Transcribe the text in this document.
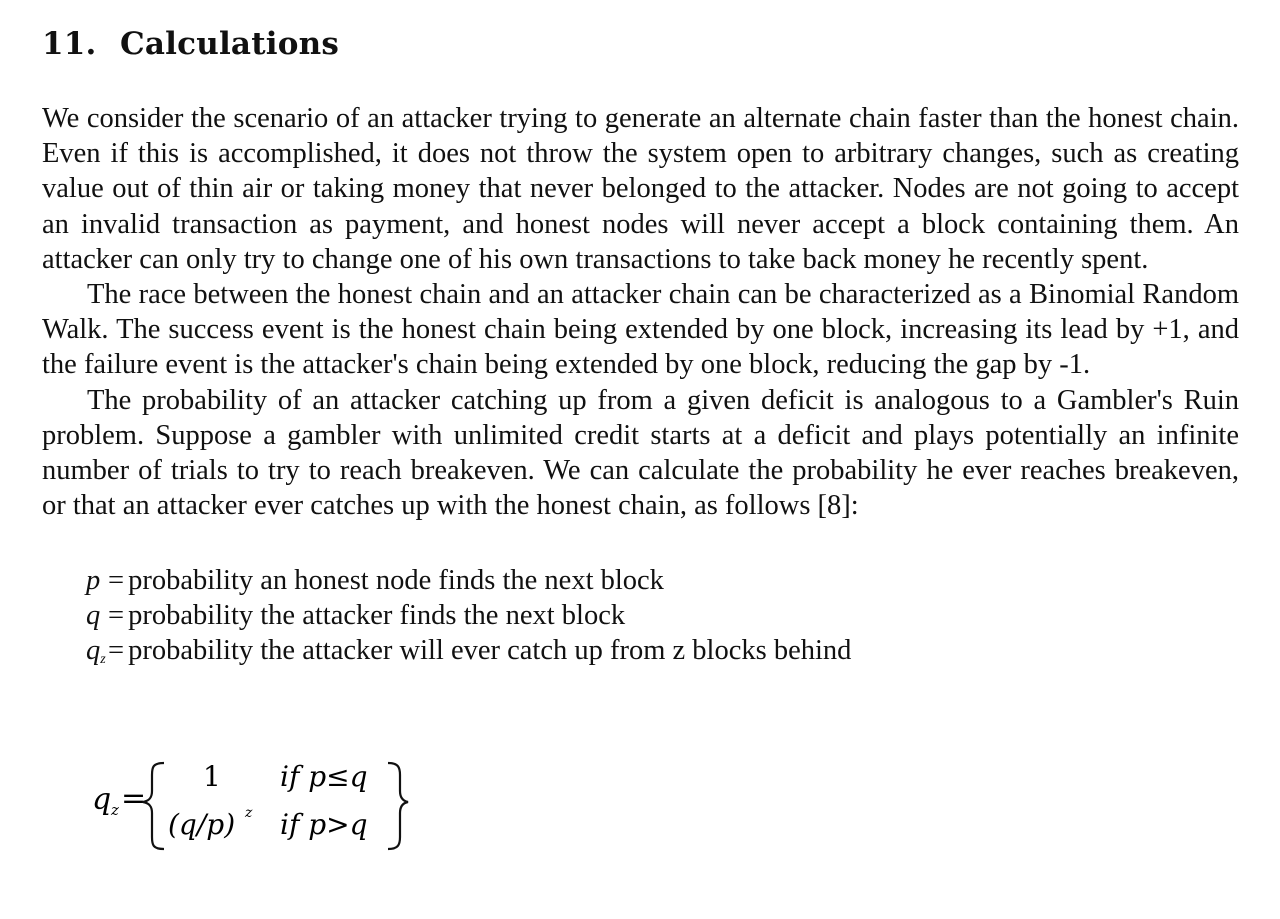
11. Calculations

We consider the scenario of an attacker trying to generate an alternate chain faster than the honest chain. Even if this is accomplished, it does not throw the system open to arbitrary changes, such as creating value out of thin air or taking money that never belonged to the attacker. Nodes are not going to accept an invalid transaction as payment, and honest nodes will never accept a block containing them. An attacker can only try to change one of his own transactions to take back money he recently spent.

The race between the honest chain and an attacker chain can be characterized as a Binomial Random Walk. The success event is the honest chain being extended by one block, increasing its lead by +1, and the failure event is the attacker's chain being extended by one block, reducing the gap by -1.

The probability of an attacker catching up from a given deficit is analogous to a Gambler's Ruin problem. Suppose a gambler with unlimited credit starts at a deficit and plays potentially an infinite number of trials to try to reach breakeven. We can calculate the probability he ever reaches breakeven, or that an attacker ever catches up with the honest chain, as follows [8]:

p = probability an honest node finds the next block
q = probability the attacker finds the next block
$q_z=$ probability the attacker will ever catch up from z blocks behind
q z =
1 if p≤q
(q/p) z if p>q
